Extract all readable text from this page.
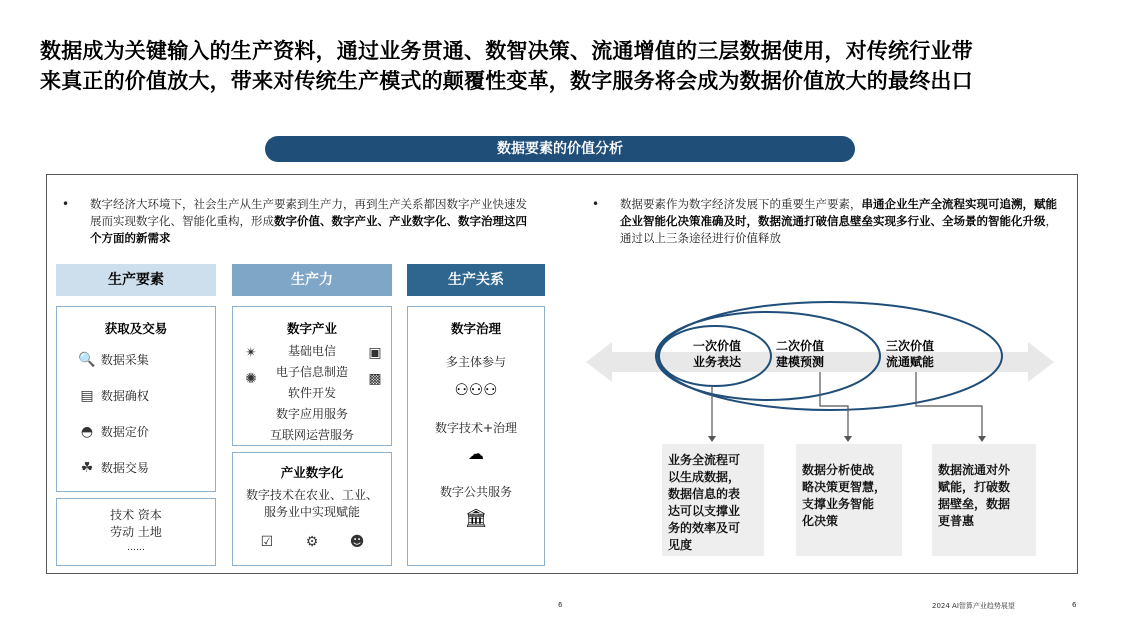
数据成为关键输入的生产资料，通过业务贯通、数智决策、流通增值的三层数据使用，对传统行业带
来真正的价值放大，带来对传统生产模式的颠覆性变革，数字服务将会成为数据价值放大的最终出口
数据要素的价值分析
•	数字经济大环境下，社会生产从生产要素到生产力，再到生产关系都因数字产业快速发展而实现数字化、智能化重构，形成数字价值、数字产业、产业数字化、数字治理这四个方面的新需求
•	数据要素作为数字经济发展下的重要生产要素，串通企业生产全流程实现可追溯，赋能企业智能化决策准确及时，数据流通打破信息壁垒实现多行业、全场景的智能化升级，通过以上三条途径进行价值释放
生产要素	生产力	生产关系
获取及交易
🔍 数据采集
▤ 数据确权
◓ 数据定价
☘ 数据交易
技术 资本
劳动 土地
……
数字产业
基础电信
电子信息制造
软件开发
数字应用服务
互联网运营服务
✴
✺
▣
▩
产业数字化
数字技术在农业、工业、
服务业中实现赋能
☑ ⚙ ☻
数字治理
多主体参与
⚇⚇⚇
数字技术+治理
☁
数字公共服务
🏛
一次价值
业务表达
二次价值
建模预测
三次价值
流通赋能
业务全流程可
以生成数据，
数据信息的表
达可以支撑业
务的效率及可
见度
数据分析使战
略决策更智慧，
支撑业务智能
化决策
数据流通对外
赋能，打破数
据壁垒，数据
更普惠
6	2024 AI智算产业趋势展望	6
